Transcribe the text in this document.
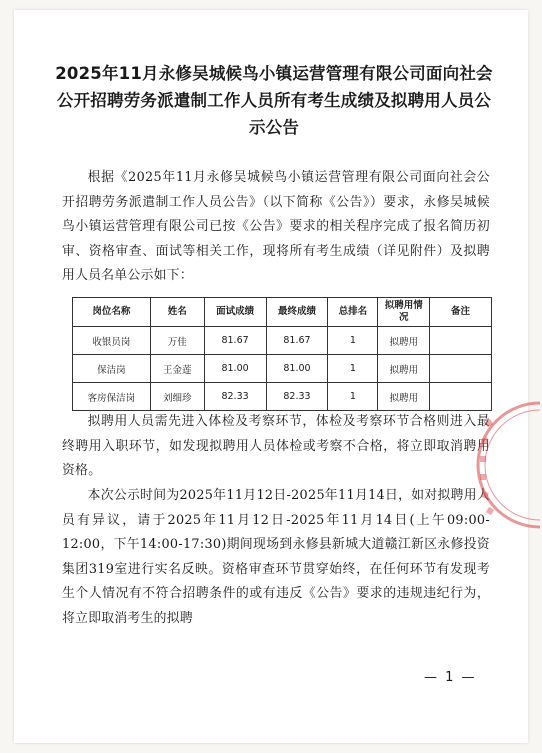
2025年11月永修吴城候鸟小镇运营管理有限公司面向社会公开招聘劳务派遣制工作人员所有考生成绩及拟聘用人员公示公告
根据《2025年11月永修吴城候鸟小镇运营管理有限公司面向社会公开招聘劳务派遣制工作人员公告》（以下简称《公告》）要求，永修吴城候鸟小镇运营管理有限公司已按《公告》要求的相关程序完成了报名简历初审、资格审查、面试等相关工作，现将所有考生成绩（详见附件）及拟聘用人员名单公示如下：
岗位名称	姓名	面试成绩	最终成绩	总排名	拟聘用情况	备注
收银员岗	万佳	81.67	81.67	1	拟聘用	
保洁岗	王金莲	81.00	81.00	1	拟聘用	
客房保洁岗	刘细珍	82.33	82.33	1	拟聘用	
拟聘用人员需先进入体检及考察环节，体检及考察环节合格则进入最终聘用入职环节，如发现拟聘用人员体检或考察不合格，将立即取消聘用资格。
本次公示时间为2025年11月12日-2025年11月14日，如对拟聘用人员有异议，请于2025年11月12日-2025年11月14日(上午09:00-12:00，下午14:00-17:30)期间现场到永修县新城大道赣江新区永修投资集团319室进行实名反映。资格审查环节贯穿始终，在任何环节有发现考生个人情况有不符合招聘条件的或有违反《公告》要求的违规违纪行为，将立即取消考生的拟聘
— 1 —
